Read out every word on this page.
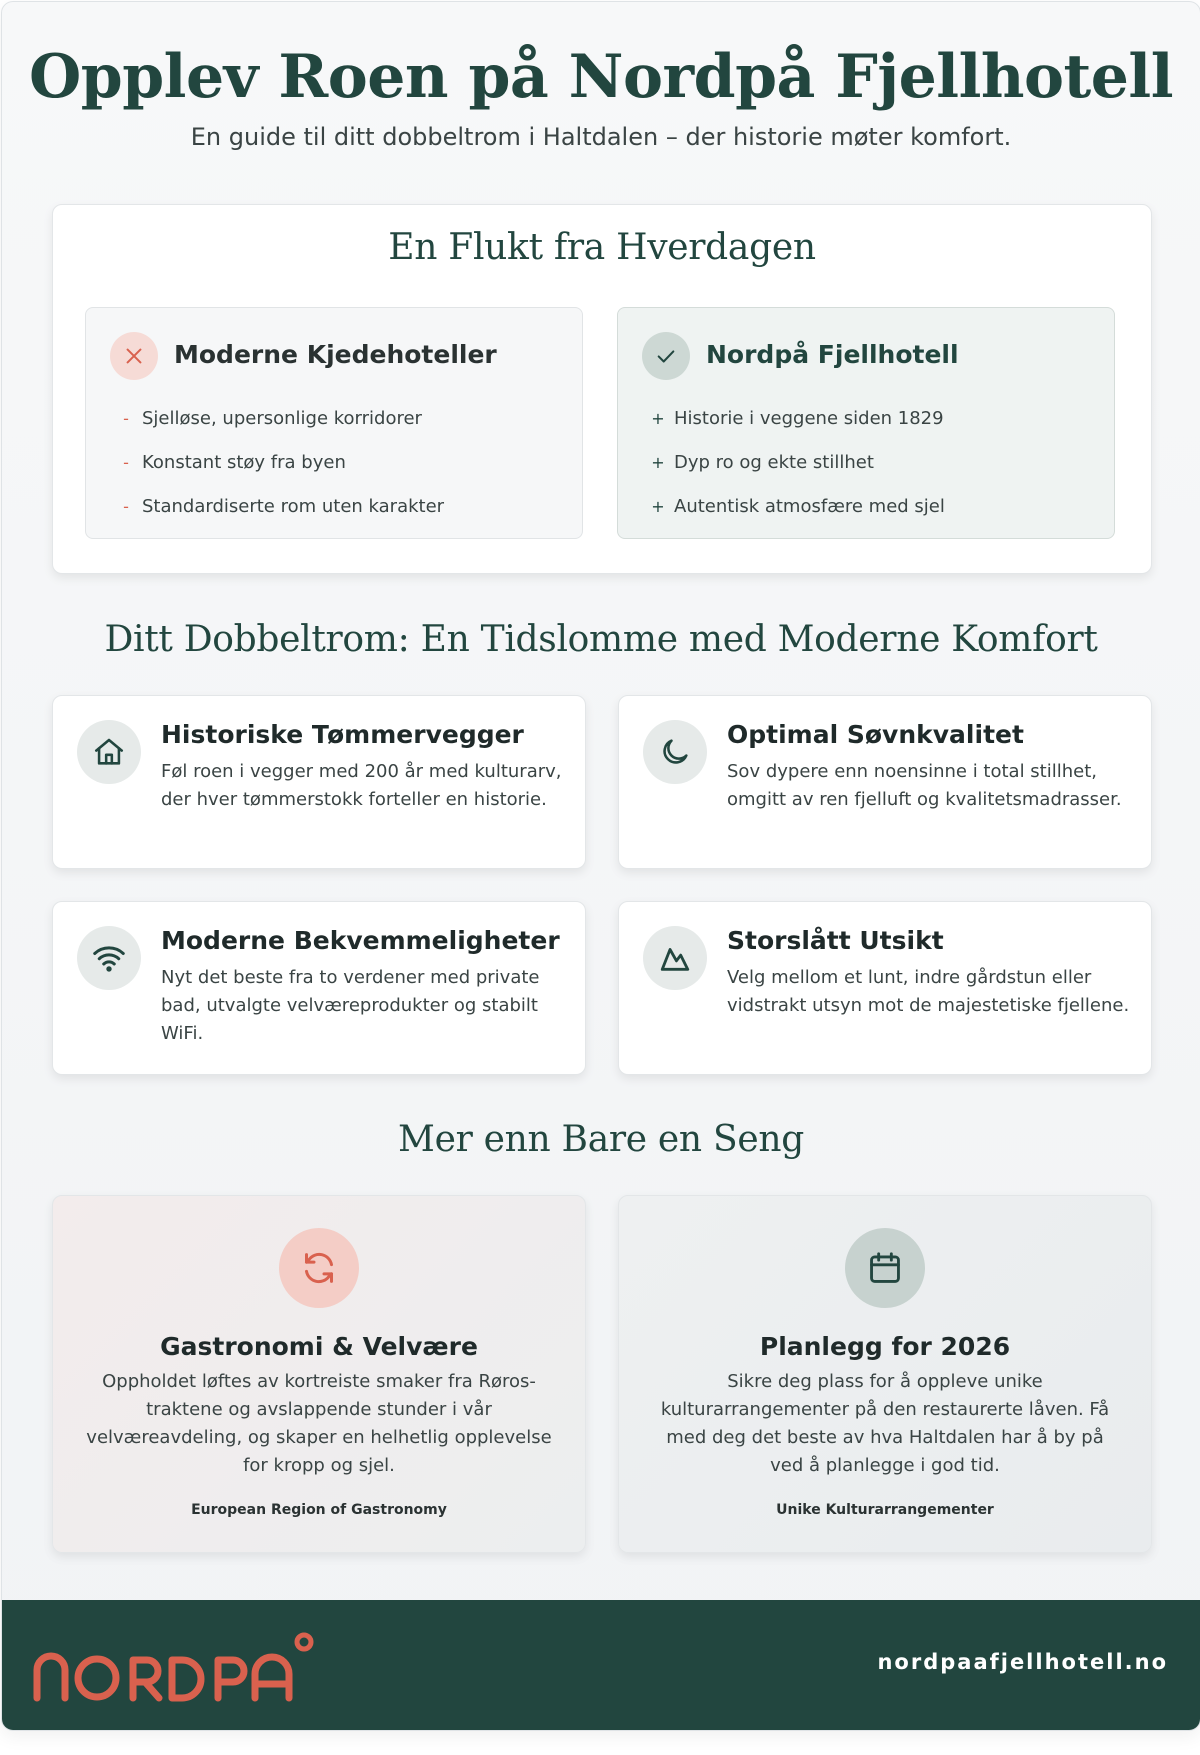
Opplev Roen på Nordpå Fjellhotell

En guide til ditt dobbeltrom i Haltdalen – der historie møter komfort.

En Flukt fra Hverdagen
Moderne Kjedehoteller
- Sjelløse, upersonlige korridorer
- Konstant støy fra byen
- Standardiserte rom uten karakter
Nordpå Fjellhotell
+ Historie i veggene siden 1829
+ Dyp ro og ekte stillhet
+ Autentisk atmosfære med sjel
Ditt Dobbeltrom: En Tidslomme med Moderne Komfort
Historiske Tømmervegger

Føl roen i vegger med 200 år med kulturarv, der hver tømmerstokk forteller en historie.

Optimal Søvnkvalitet

Sov dypere enn noensinne i total stillhet, omgitt av ren fjelluft og kvalitetsmadrasser.

Moderne Bekvemmeligheter

Nyt det beste fra to verdener med private bad, utvalgte velværeprodukter og stabilt WiFi.

Storslått Utsikt

Velg mellom et lunt, indre gårdstun eller vidstrakt utsyn mot de majestetiske fjellene.

Mer enn Bare en Seng
Gastronomi & Velvære

Oppholdet løftes av kortreiste smaker fra Røros-traktene og avslappende stunder i vår velværeavdeling, og skaper en helhetlig opplevelse for kropp og sjel.

European Region of Gastronomy

Planlegg for 2026

Sikre deg plass for å oppleve unike kulturarrangementer på den restaurerte låven. Få med deg det beste av hva Haltdalen har å by på ved å planlegge i god tid.

Unike Kulturarrangementer

nordpaafjellhotell.no
